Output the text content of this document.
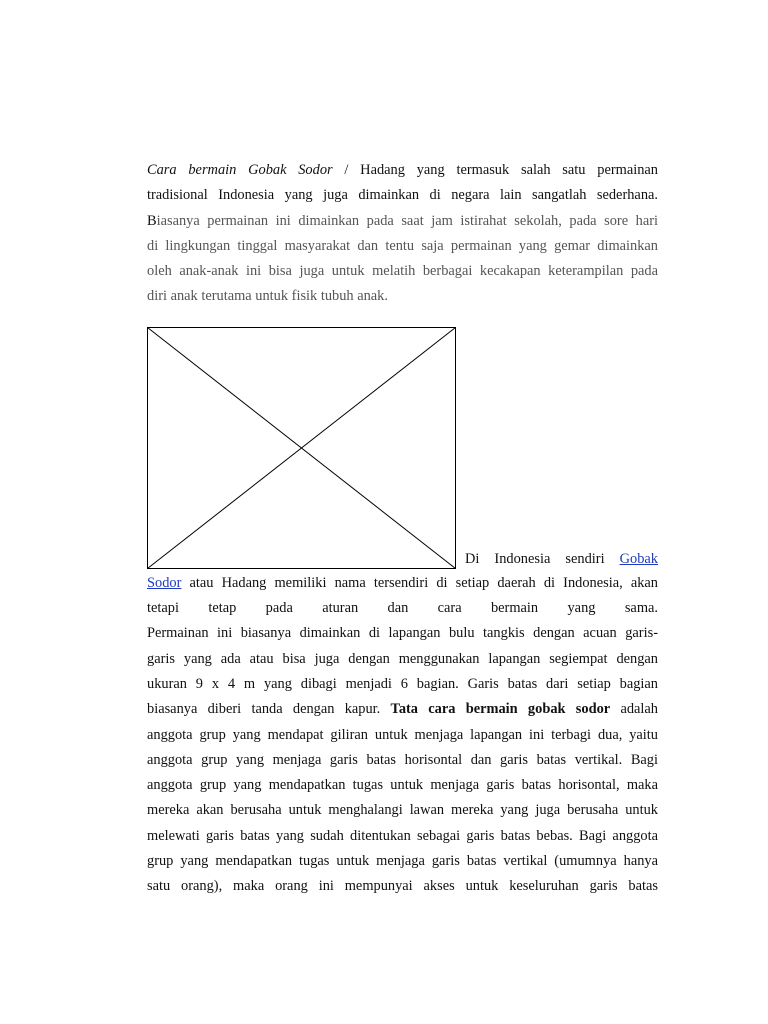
Cara bermain Gobak Sodor / Hadang yang termasuk salah satu permainan
tradisional Indonesia yang juga dimainkan di negara lain sangatlah sederhana.
Biasanya permainan ini dimainkan pada saat jam istirahat sekolah, pada sore hari
di lingkungan tinggal masyarakat dan tentu saja permainan yang gemar dimainkan
oleh anak-anak ini bisa juga untuk melatih berbagai kecakapan keterampilan pada
diri anak terutama untuk fisik tubuh anak.
Di Indonesia sendiri Gobak
Sodor atau Hadang memiliki nama tersendiri di setiap daerah di Indonesia, akan
tetapi tetap pada aturan dan cara bermain yang sama.
Permainan ini biasanya dimainkan di lapangan bulu tangkis dengan acuan garis-
garis yang ada atau bisa juga dengan menggunakan lapangan segiempat dengan
ukuran 9 x 4 m yang dibagi menjadi 6 bagian. Garis batas dari setiap bagian
biasanya diberi tanda dengan kapur. Tata cara bermain gobak sodor adalah
anggota grup yang mendapat giliran untuk menjaga lapangan ini terbagi dua, yaitu
anggota grup yang menjaga garis batas horisontal dan garis batas vertikal. Bagi
anggota grup yang mendapatkan tugas untuk menjaga garis batas horisontal, maka
mereka akan berusaha untuk menghalangi lawan mereka yang juga berusaha untuk
melewati garis batas yang sudah ditentukan sebagai garis batas bebas. Bagi anggota
grup yang mendapatkan tugas untuk menjaga garis batas vertikal (umumnya hanya
satu orang), maka orang ini mempunyai akses untuk keseluruhan garis batas
